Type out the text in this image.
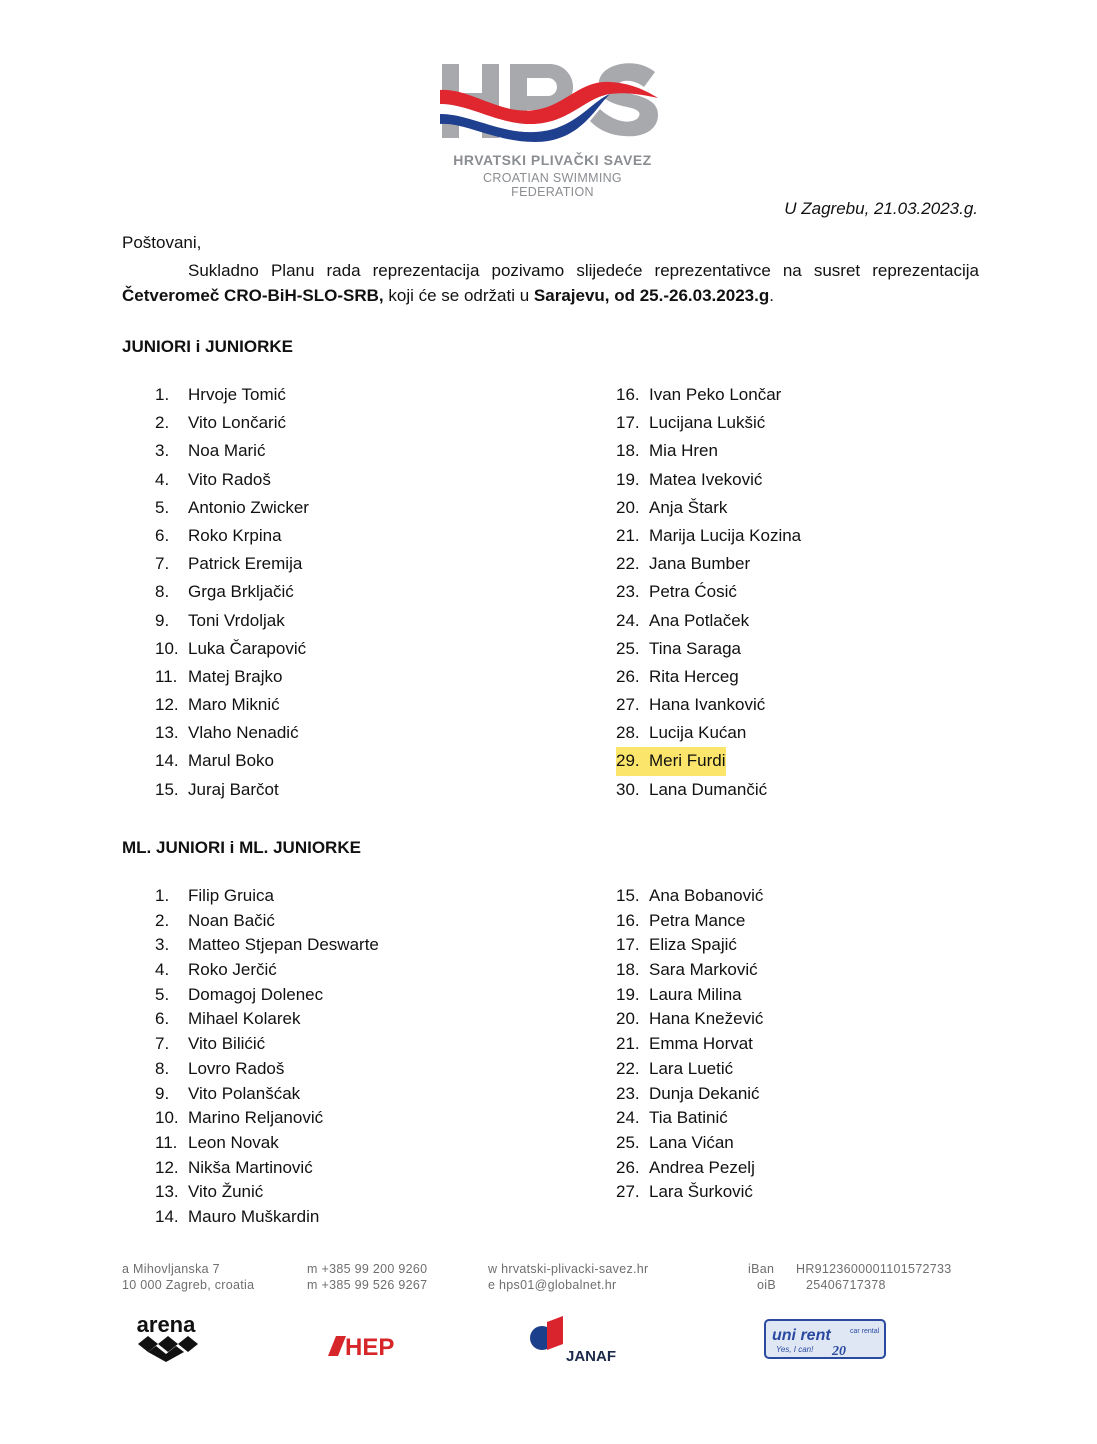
HRVATSKI PLIVAČKI SAVEZ
CROATIAN SWIMMING FEDERATION
U Zagrebu, 21.03.2023.g.
Poštovani,
Sukladno Planu rada reprezentacija pozivamo slijedeće reprezentativce na susret reprezentacija Četveromeč CRO-BiH-SLO-SRB, koji će se održati u Sarajevu, od 25.-26.03.2023.g.
JUNIORI i JUNIORKE
1. Hrvoje Tomić
2. Vito Lončarić
3. Noa Marić
4. Vito Radoš
5. Antonio Zwicker
6. Roko Krpina
7. Patrick Eremija
8. Grga Brkljačić
9. Toni Vrdoljak
10. Luka Čarapović
11. Matej Brajko
12. Maro Miknić
13. Vlaho Nenadić
14. Marul Boko
15. Juraj Barčot
16. Ivan Peko Lončar
17. Lucijana Lukšić
18. Mia Hren
19. Matea Iveković
20. Anja Štark
21. Marija Lucija Kozina
22. Jana Bumber
23. Petra Ćosić
24. Ana Potlaček
25. Tina Saraga
26. Rita Herceg
27. Hana Ivanković
28. Lucija Kućan
29. Meri Furdi
30. Lana Dumančić
ML. JUNIORI i ML. JUNIORKE
1. Filip Gruica
2. Noan Bačić
3. Matteo Stjepan Deswarte
4. Roko Jerčić
5. Domagoj Dolenec
6. Mihael Kolarek
7. Vito Bilićić
8. Lovro Radoš
9. Vito Polanšćak
10. Marino Reljanović
11. Leon Novak
12. Nikša Martinović
13. Vito Žunić
14. Mauro Muškardin
15. Ana Bobanović
16. Petra Mance
17. Eliza Spajić
18. Sara Marković
19. Laura Milina
20. Hana Knežević
21. Emma Horvat
22. Lara Luetić
23. Dunja Dekanić
24. Tia Batinić
25. Lana Vićan
26. Andrea Pezelj
27. Lara Šurković
a Mihovljanska 7
10 000 Zagreb, croatia
m +385 99 200 9260
m +385 99 526 9267
w hrvatski-plivacki-savez.hr
e hps01@globalnet.hr
iBan HR9123600001101572733
oiB 25406717378
arena
HEP	JANAF
uni rent	car rental
Yes, I can! 20
